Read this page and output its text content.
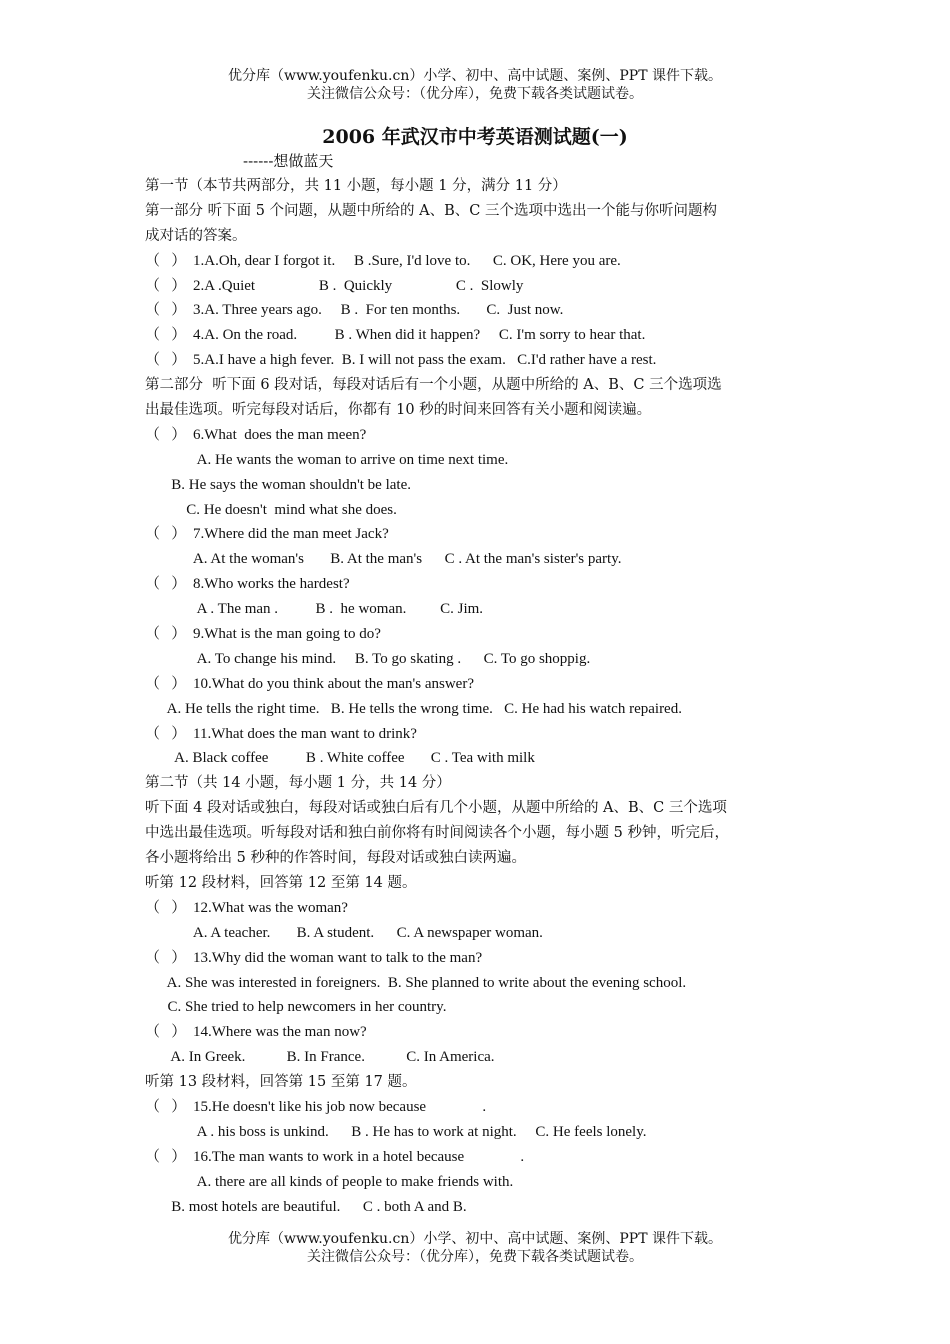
优分库（www.youfenku.cn）小学、初中、高中试题、案例、PPT 课件下载。
关注微信公众号：（优分库），免费下载各类试题试卷。
2006 年武汉市中考英语测试题(一)
------想做蓝天
第一节（本节共两部分，共 11 小题，每小题 1 分，满分 11 分）
第一部分 听下面 5 个问题，从题中所给的 A、B、C 三个选项中选出一个能与你听问题构
成对话的答案。
（   ） 1.A.Oh, dear I forgot it.     B .Sure, I'd love to.      C. OK, Here you are.
（   ） 2.A .Quiet                 B .  Quickly                 C .  Slowly
（   ） 3.A. Three years ago.     B .  For ten months.       C.  Just now.
（   ） 4.A. On the road.          B . When did it happen?     C. I'm sorry to hear that.
（   ） 5.A.I have a high fever.  B. I will not pass the exam.   C.I'd rather have a rest.
第二部分  听下面 6 段对话，每段对话后有一个小题，从题中所给的 A、B、C 三个选项选
出最佳选项。听完每段对话后，你都有 10 秒的时间来回答有关小题和阅读遍。
（   ） 6.What  does the man meen?
A. He wants the woman to arrive on time next time.
B. He says the woman shouldn't be late.
C. He doesn't  mind what she does.
（   ） 7.Where did the man meet Jack?
A. At the woman's       B. At the man's      C . At the man's sister's party.
（   ） 8.Who works the hardest?
A . The man .          B .  he woman.         C. Jim.
（   ） 9.What is the man going to do?
A. To change his mind.     B. To go skating .      C. To go shoppig.
（   ） 10.What do you think about the man's answer?
A. He tells the right time.   B. He tells the wrong time.   C. He had his watch repaired.
（   ） 11.What does the man want to drink?
A. Black coffee          B . White coffee       C . Tea with milk
第二节（共 14 小题，每小题 1 分，共 14 分）
听下面 4 段对话或独白，每段对话或独白后有几个小题，从题中所给的 A、B、C 三个选项
中选出最佳选项。听每段对话和独白前你将有时间阅读各个小题，每小题 5 秒钟，听完后，
各小题将给出 5 秒种的作答时间，每段对话或独白读两遍。
听第 12 段材料，回答第 12 至第 14 题。
（   ） 12.What was the woman?
A. A teacher.       B. A student.      C. A newspaper woman.
（   ） 13.Why did the woman want to talk to the man?
A. She was interested in foreigners.  B. She planned to write about the evening school.
C. She tried to help newcomers in her country.
（   ） 14.Where was the man now?
A. In Greek.           B. In France.           C. In America.
听第 13 段材料，回答第 15 至第 17 题。
（   ） 15.He doesn't like his job now because               .
A . his boss is unkind.      B . He has to work at night.     C. He feels lonely.
（   ） 16.The man wants to work in a hotel because               .
A. there are all kinds of people to make friends with.
B. most hotels are beautiful.      C . both A and B.
优分库（www.youfenku.cn）小学、初中、高中试题、案例、PPT 课件下载。
关注微信公众号：（优分库），免费下载各类试题试卷。
